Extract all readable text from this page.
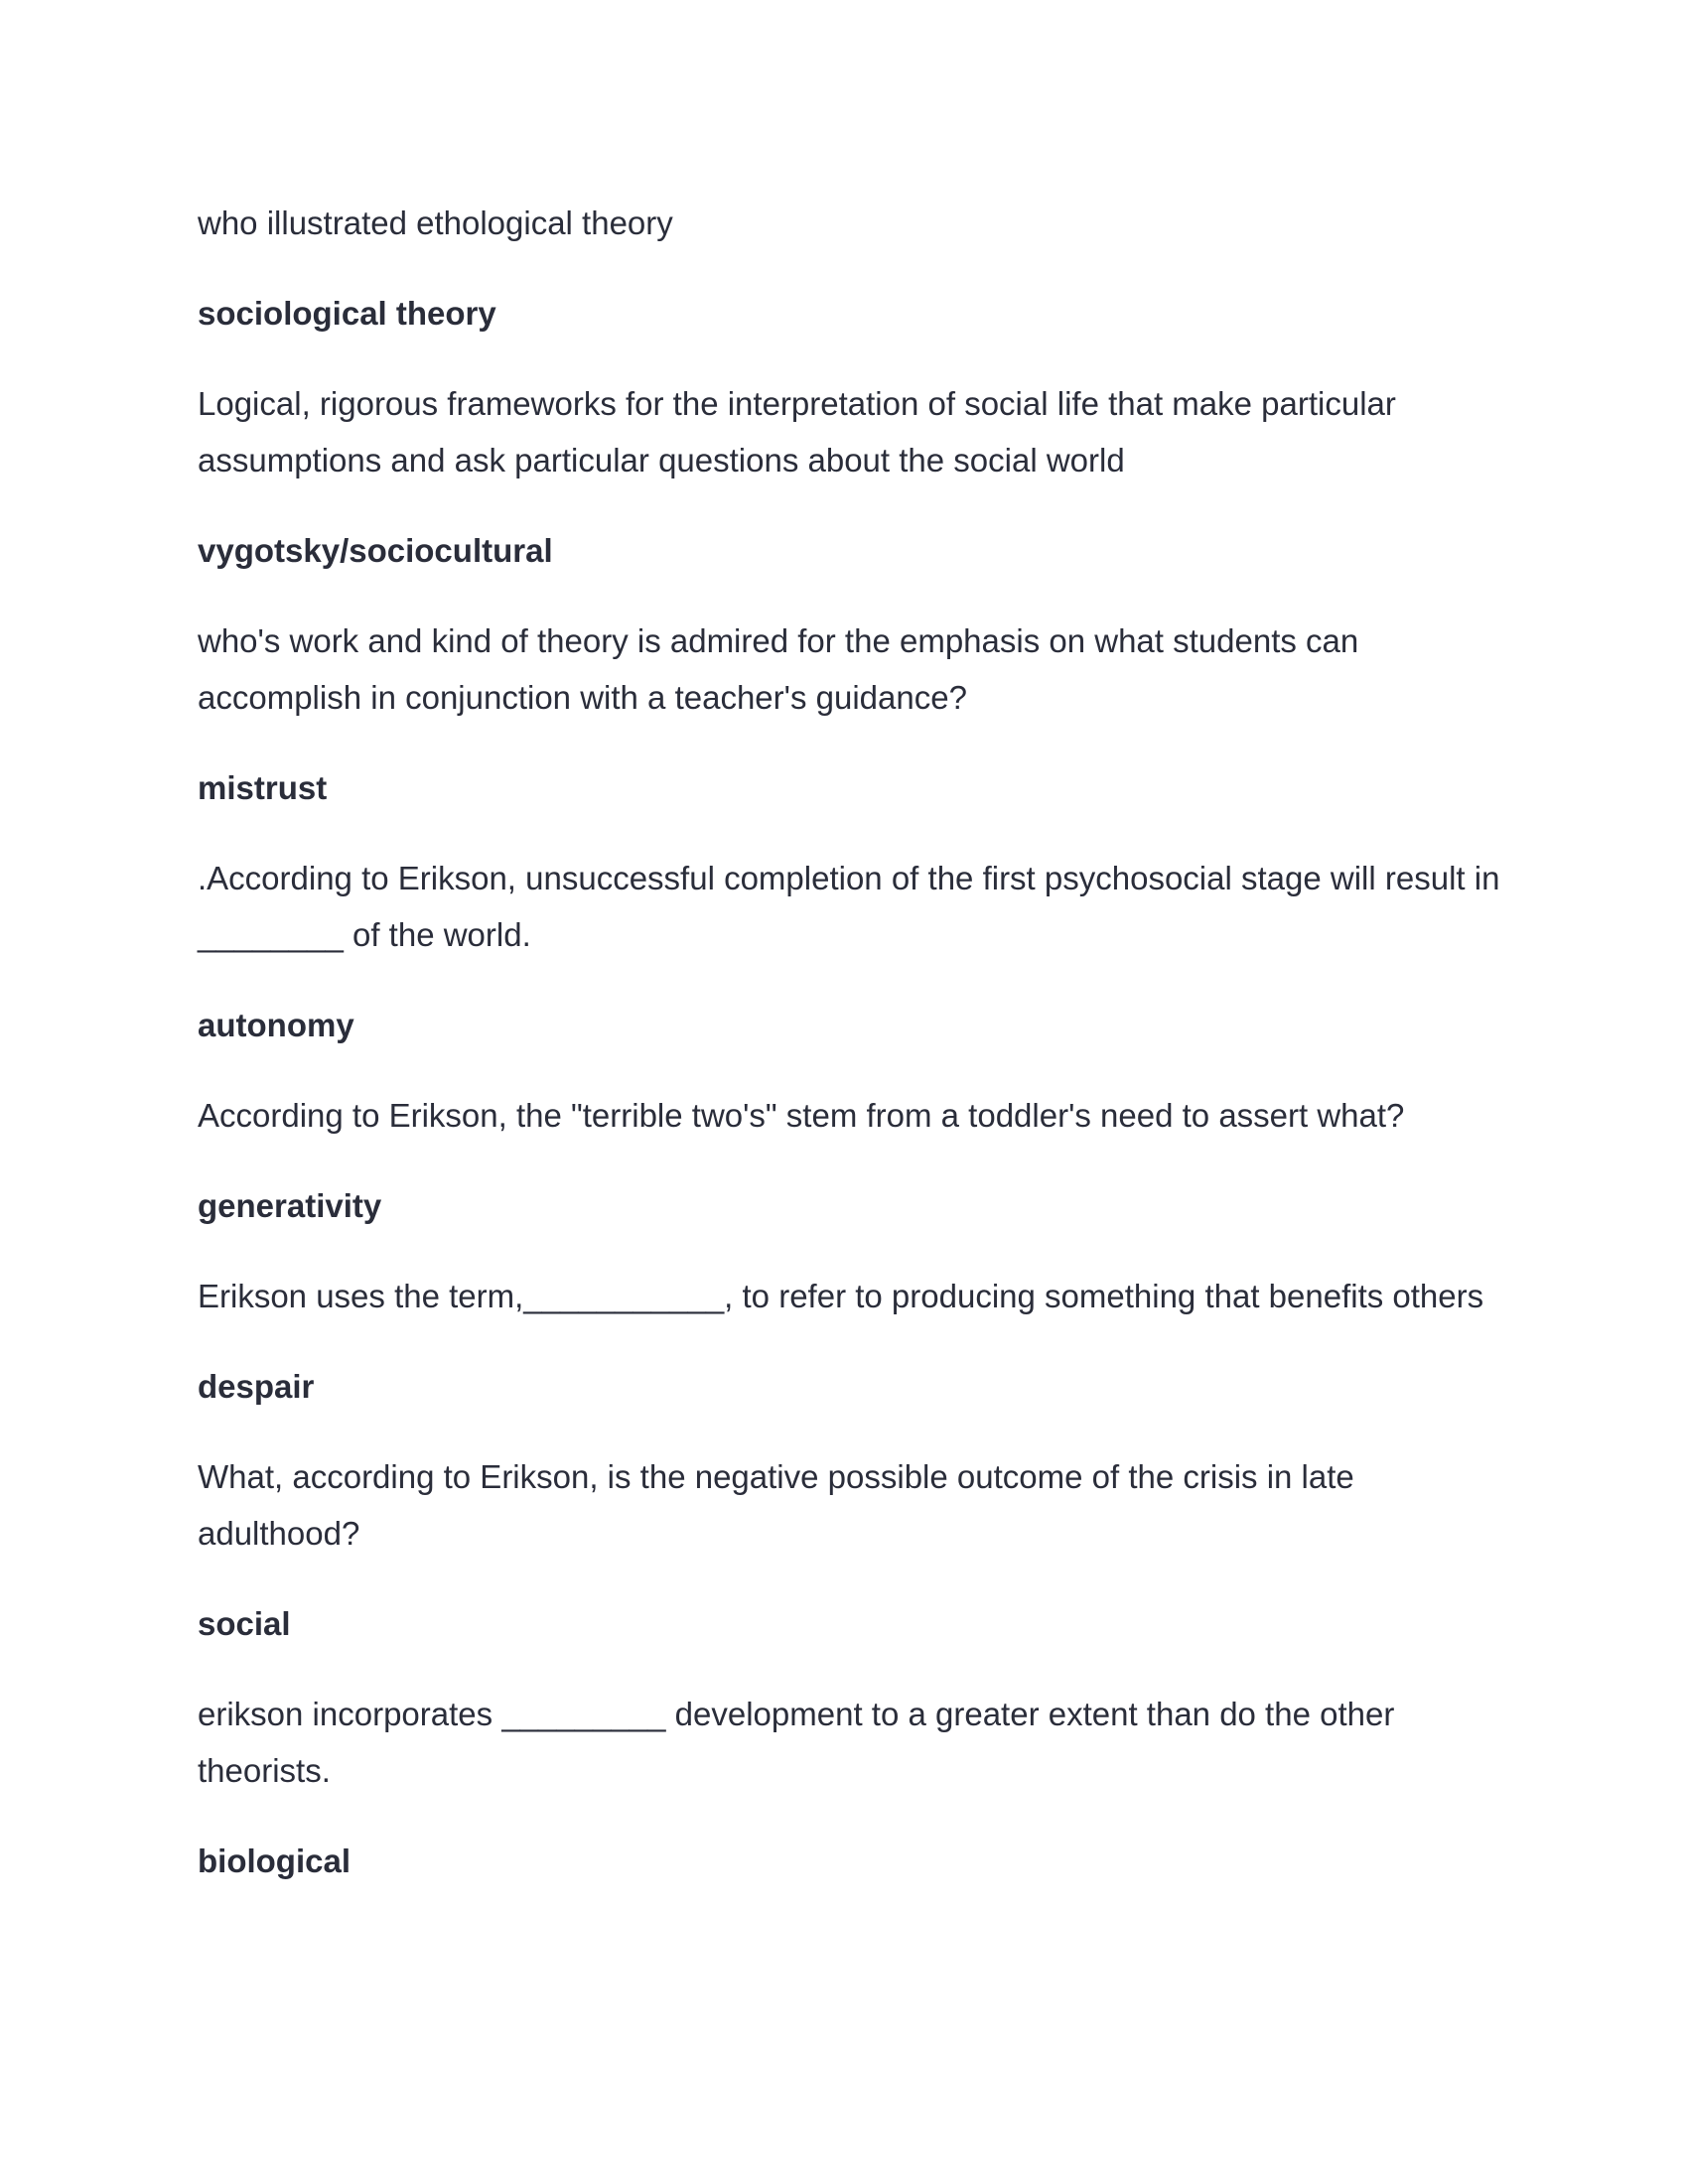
who illustrated ethological theory

sociological theory

Logical, rigorous frameworks for the interpretation of social life that make particular assumptions and ask particular questions about the social world

vygotsky/sociocultural

who's work and kind of theory is admired for the emphasis on what students can accomplish in conjunction with a teacher's guidance?

mistrust

.According to Erikson, unsuccessful completion of the first psychosocial stage will result in ________ of the world.

autonomy

According to Erikson, the "terrible two's" stem from a toddler's need to assert what?

generativity

Erikson uses the term,___________, to refer to producing something that benefits others

despair

What, according to Erikson, is the negative possible outcome of the crisis in late adulthood?

social

erikson incorporates _________ development to a greater extent than do the other theorists.

biological
